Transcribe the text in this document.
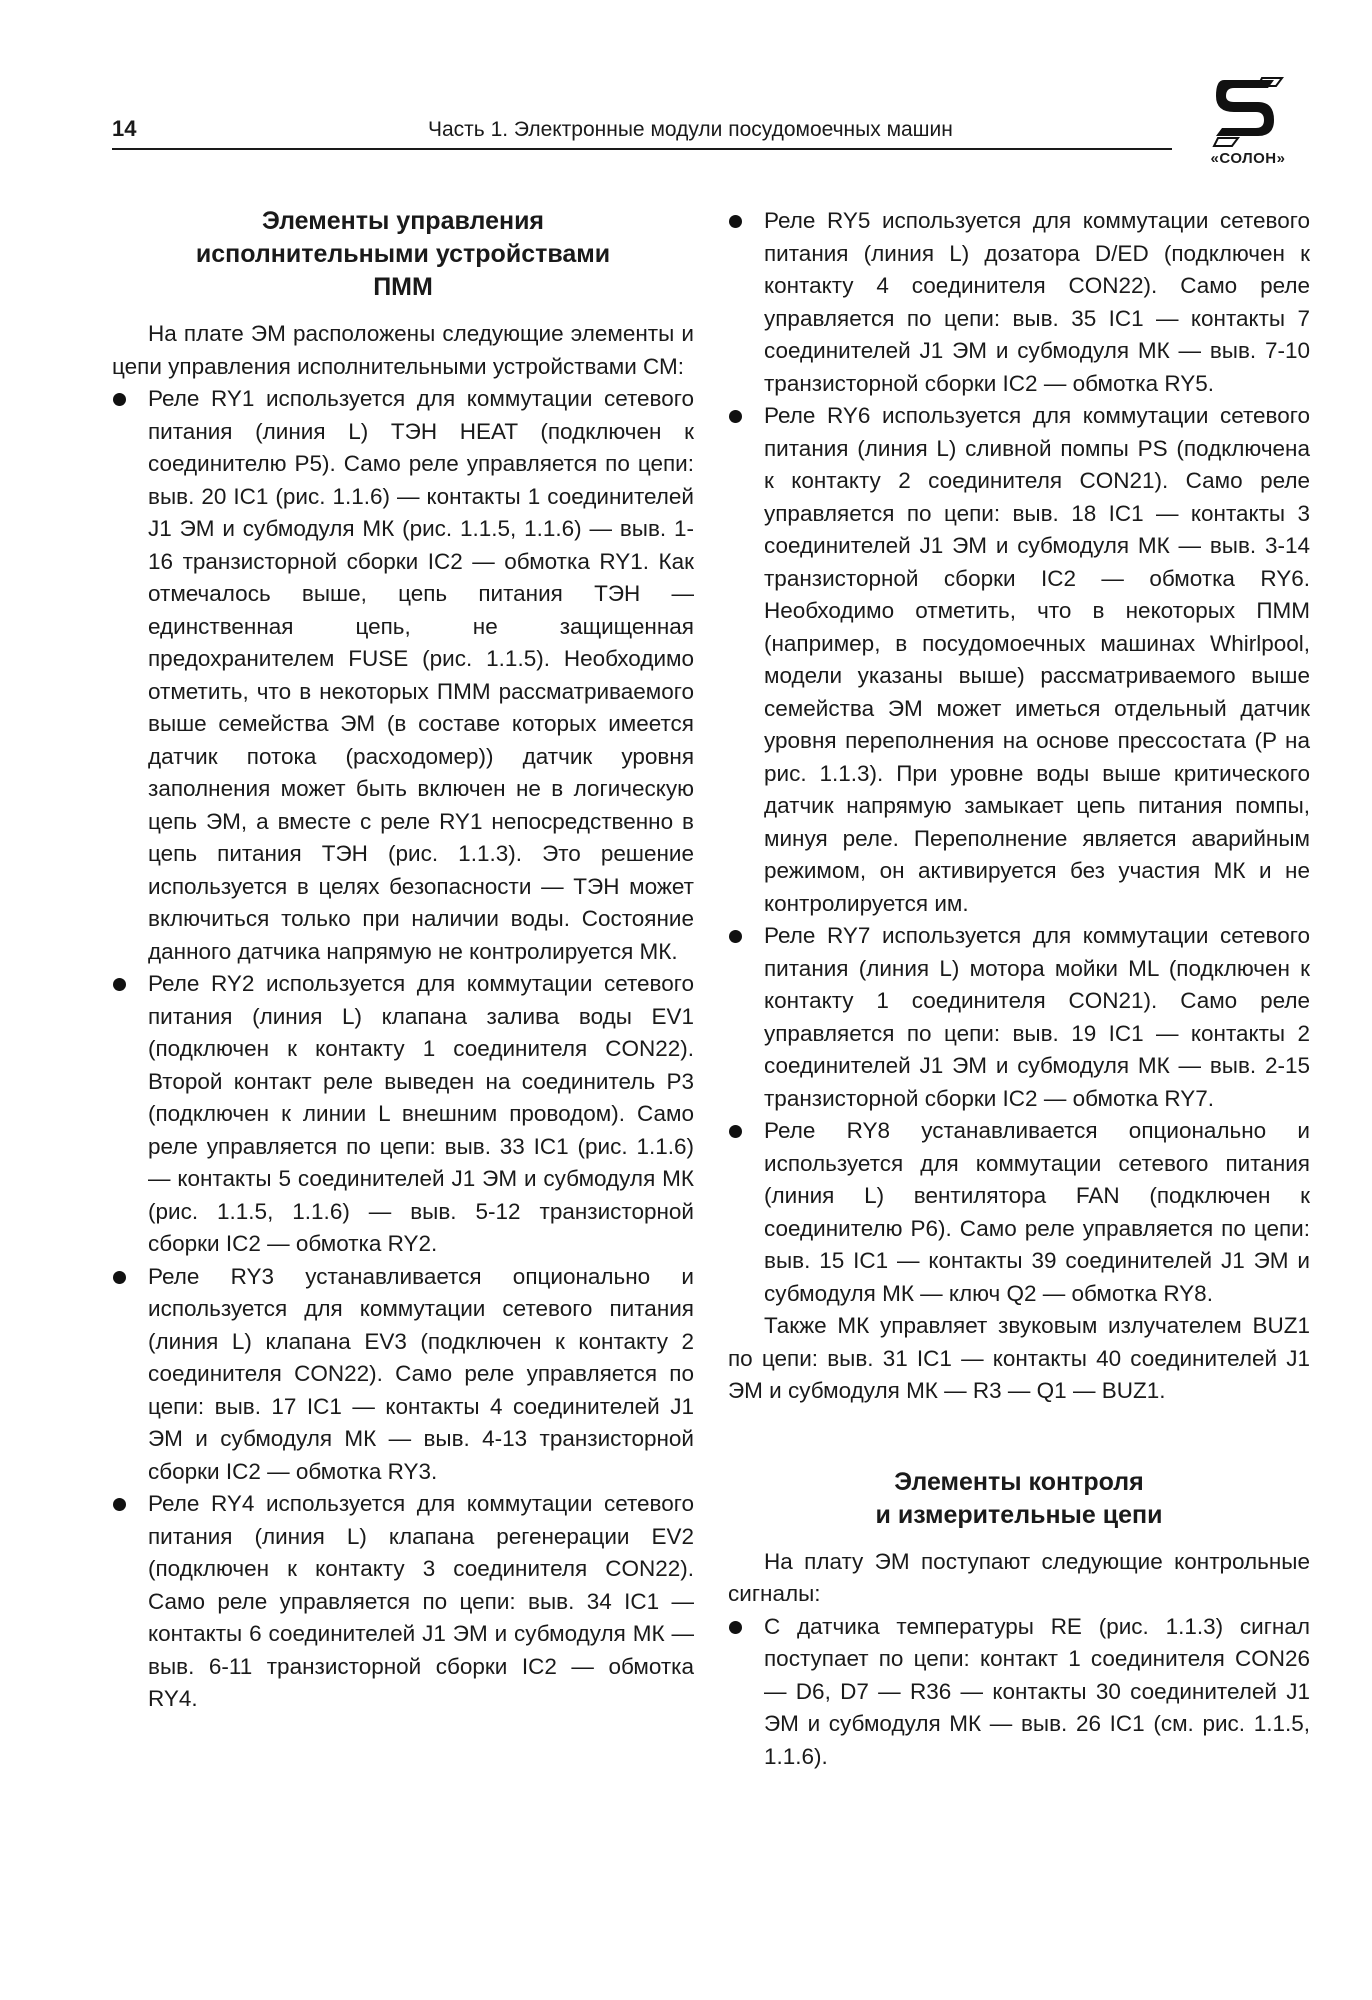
14	Часть 1. Электронные модули посудомоечных машин
«СОЛОН»
Элементы управления
исполнительными устройствами
ПММ

На плате ЭМ расположены следующие элементы и цепи управления исполнительными устройствами СМ:

Реле RY1 используется для коммутации сетевого питания (линия L) ТЭН HEAT (подключен к соединителю P5). Само реле управляется по цепи: выв. 20 IC1 (рис. 1.1.6) — контакты 1 соединителей J1 ЭМ и субмодуля МК (рис. 1.1.5, 1.1.6) — выв. 1-16 транзисторной сборки IC2 — обмотка RY1. Как отмечалось выше, цепь питания ТЭН — единственная цепь, не защищенная предохранителем FUSE (рис. 1.1.5). Необходимо отметить, что в некоторых ПММ рассматриваемого выше семейства ЭМ (в составе которых имеется датчик потока (расходомер)) датчик уровня заполнения может быть включен не в логическую цепь ЭМ, а вместе с реле RY1 непосредственно в цепь питания ТЭН (рис. 1.1.3). Это решение используется в целях безопасности — ТЭН может включиться только при наличии воды. Состояние данного датчика напрямую не контролируется МК.
Реле RY2 используется для коммутации сетевого питания (линия L) клапана залива воды EV1 (подключен к контакту 1 соединителя CON22). Второй контакт реле выведен на соединитель P3 (подключен к линии L внешним проводом). Само реле управляется по цепи: выв. 33 IC1 (рис. 1.1.6) — контакты 5 соединителей J1 ЭМ и субмодуля МК (рис. 1.1.5, 1.1.6) — выв. 5-12 транзисторной сборки IC2 — обмотка RY2.
Реле RY3 устанавливается опционально и используется для коммутации сетевого питания (линия L) клапана EV3 (подключен к контакту 2 соединителя CON22). Само реле управляется по цепи: выв. 17 IC1 — контакты 4 соединителей J1 ЭМ и субмодуля МК — выв. 4-13 транзисторной сборки IC2 — обмотка RY3.
Реле RY4 используется для коммутации сетевого питания (линия L) клапана регенерации EV2 (подключен к контакту 3 соединителя CON22). Само реле управляется по цепи: выв. 34 IC1 — контакты 6 соединителей J1 ЭМ и субмодуля МК — выв. 6-11 транзисторной сборки IC2 — обмотка RY4.
Реле RY5 используется для коммутации сетевого питания (линия L) дозатора D/ED (подключен к контакту 4 соединителя CON22). Само реле управляется по цепи: выв. 35 IC1 — контакты 7 соединителей J1 ЭМ и субмодуля МК — выв. 7-10 транзисторной сборки IC2 — обмотка RY5.
Реле RY6 используется для коммутации сетевого питания (линия L) сливной помпы PS (подключена к контакту 2 соединителя CON21). Само реле управляется по цепи: выв. 18 IC1 — контакты 3 соединителей J1 ЭМ и субмодуля МК — выв. 3-14 транзисторной сборки IC2 — обмотка RY6. Необходимо отметить, что в некоторых ПММ (например, в посудомоечных машинах Whirlpool, модели указаны выше) рассматриваемого выше семейства ЭМ может иметься отдельный датчик уровня переполнения на основе прессостата (P на рис. 1.1.3). При уровне воды выше критического датчик напрямую замыкает цепь питания помпы, минуя реле. Переполнение является аварийным режимом, он активируется без участия МК и не контролируется им.
Реле RY7 используется для коммутации сетевого питания (линия L) мотора мойки ML (подключен к контакту 1 соединителя CON21). Само реле управляется по цепи: выв. 19 IC1 — контакты 2 соединителей J1 ЭМ и субмодуля МК — выв. 2-15 транзисторной сборки IC2 — обмотка RY7.
Реле RY8 устанавливается опционально и используется для коммутации сетевого питания (линия L) вентилятора FAN (подключен к соединителю P6). Само реле управляется по цепи: выв. 15 IC1 — контакты 39 соединителей J1 ЭМ и субмодуля МК — ключ Q2 — обмотка RY8.

Также МК управляет звуковым излучателем BUZ1 по цепи: выв. 31 IC1 — контакты 40 соединителей J1 ЭМ и субмодуля МК — R3 — Q1 — BUZ1.

Элементы контроля
и измерительные цепи

На плату ЭМ поступают следующие контрольные сигналы:

С датчика температуры RE (рис. 1.1.3) сигнал поступает по цепи: контакт 1 соединителя CON26 — D6, D7 — R36 — контакты 30 соединителей J1 ЭМ и субмодуля МК — выв. 26 IC1 (см. рис. 1.1.5, 1.1.6).
